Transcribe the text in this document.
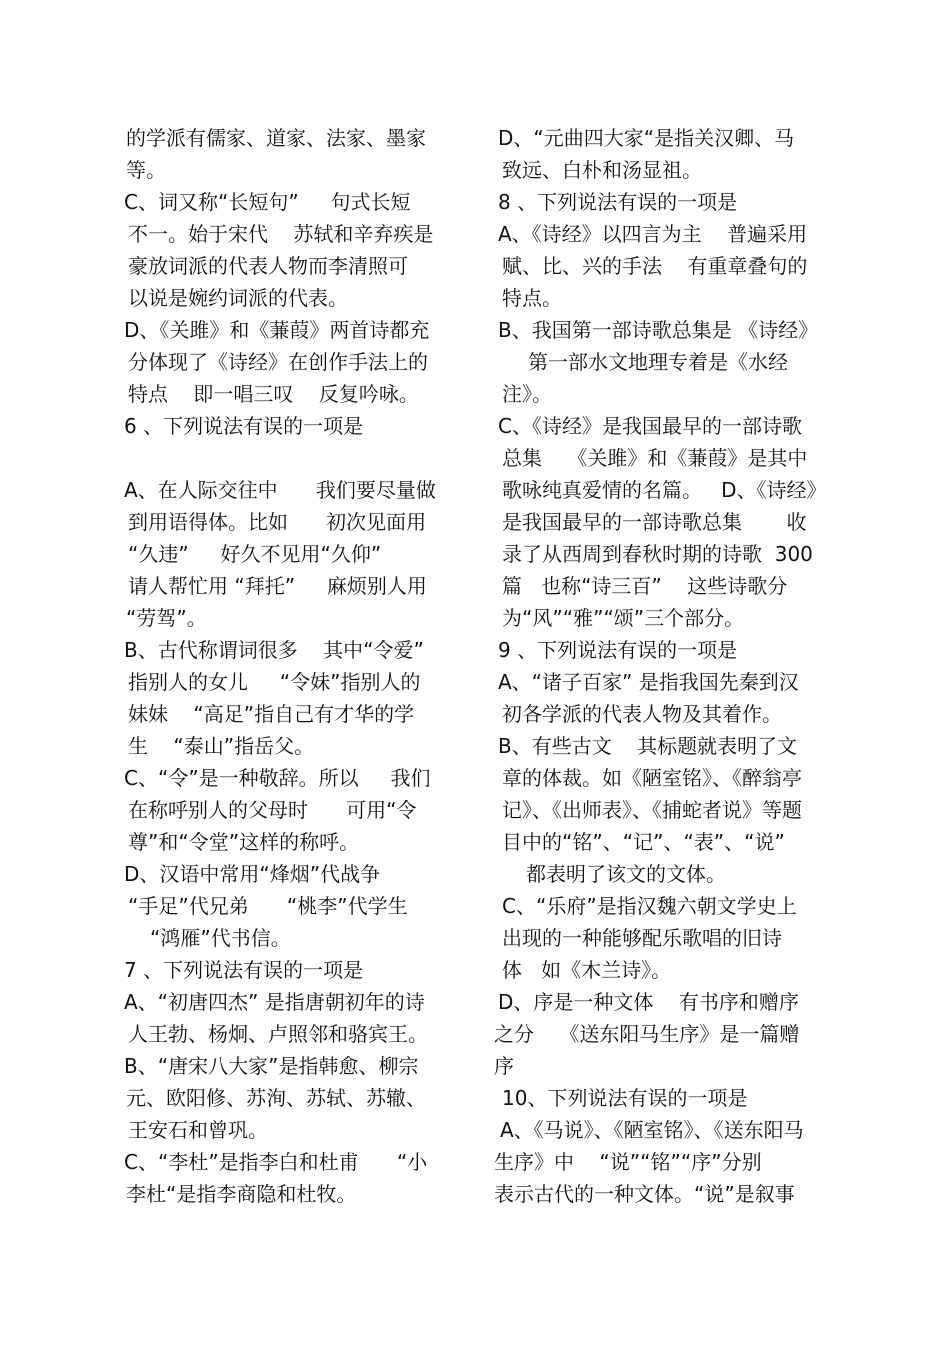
的学派有儒家、道家、法家、墨家
等。
C、词又称“长短句”     句式长短
不一。始于宋代    苏轼和辛弃疾是
豪放词派的代表人物而李清照可
以说是婉约词派的代表。
D、《关雎》和《蒹葭》两首诗都充
分体现了《诗经》在创作手法上的
特点    即一唱三叹    反复吟咏。
6 、下列说法有误的一项是
A、在人际交往中      我们要尽量做
到用语得体。比如      初次见面用
“久违”     好久不见用“久仰”
请人帮忙用 “拜托”     麻烦别人用
“劳驾”。
B、古代称谓词很多    其中“令爱”
指别人的女儿     “令妹”指别人的
妹妹    “高足”指自己有才华的学
生    “泰山”指岳父。
C、“令”是一种敬辞。所以     我们
在称呼别人的父母时      可用“令
尊”和“令堂”这样的称呼。
D、汉语中常用“烽烟”代战争
“手足”代兄弟      “桃李”代学生
“鸿雁”代书信。
7 、下列说法有误的一项是
A、“初唐四杰” 是指唐朝初年的诗
人王勃、杨炯、卢照邻和骆宾王。
B、“唐宋八大家”是指韩愈、柳宗
元、欧阳修、苏洵、苏轼、苏辙、
王安石和曾巩。
C、“李杜”是指李白和杜甫      “小
李杜“是指李商隐和杜牧。
D、“元曲四大家“是指关汉卿、马
致远、白朴和汤显祖。
8 、下列说法有误的一项是
A、《诗经》以四言为主    普遍采用
赋、比、兴的手法    有重章叠句的
特点。
B、我国第一部诗歌总集是 《诗经》
第一部水文地理专着是《水经
注》。
C、《诗经》是我国最早的一部诗歌
总集    《关雎》和《蒹葭》是其中
歌咏纯真爱情的名篇。   D、《诗经》
是我国最早的一部诗歌总集       收
录了从西周到春秋时期的诗歌  300
篇   也称“诗三百”    这些诗歌分
为“风”“雅”“颂”三个部分。
9 、下列说法有误的一项是
A、“诸子百家” 是指我国先秦到汉
初各学派的代表人物及其着作。
B、有些古文    其标题就表明了文
章的体裁。如《陋室铭》、《醉翁亭
记》、《出师表》、《捕蛇者说》等题
目中的“铭”、“记”、“表”、“说”
都表明了该文的文体。
C、“乐府”是指汉魏六朝文学史上
出现的一种能够配乐歌唱的旧诗
体   如《木兰诗》。
D、序是一种文体    有书序和赠序
之分    《送东阳马生序》是一篇赠
序
10、下列说法有误的一项是
A、《马说》、《陋室铭》、《送东阳马
生序》中    “说”“铭”“序”分别
表示古代的一种文体。“说”是叙事
